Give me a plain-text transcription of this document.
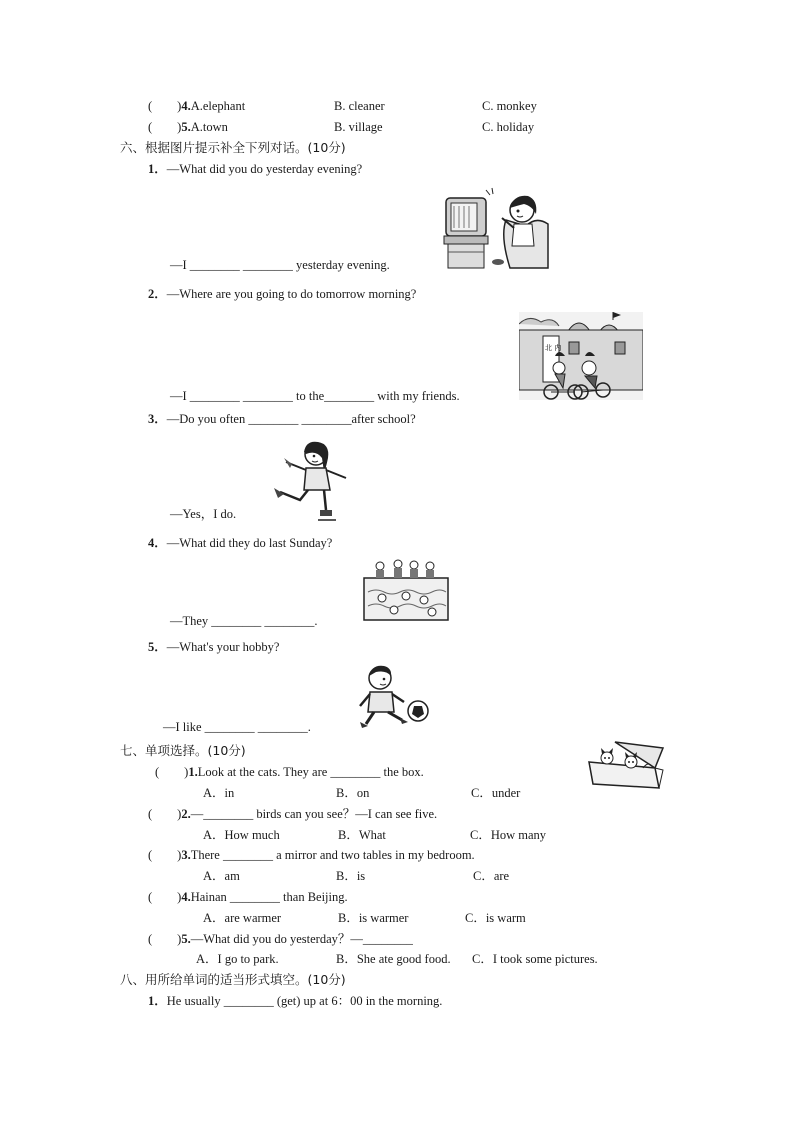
(　　)4.A.elephant	B. cleaner	C. monkey
(　　)5.A.town	B. village	C. holiday
六、根据图片提示补全下列对话。(10分)
1．—What did you do yesterday evening?
—I ________ ________ yesterday evening.
2．—Where are you going to do tomorrow morning?
—I ________ ________ to the________ with my friends.
3．—Do you often ________ ________after school?
—Yes，I do.
4．—What did they do last Sunday?
—They ________ ________.
5．—What's your hobby?
—I like ________ ________.
北 内
七、单项选择。(10分)
(　　)1.Look at the cats. They are ________ the box.
A．in	B．on	C．under
(　　)2.—________ birds can you see？—I can see five.
A．How much	B．What	C．How many
(　　)3.There ________ a mirror and two tables in my bedroom.
A．am	B．is	C．are
(　　)4.Hainan ________ than Beijing.
A．are warmer	B．is warmer	C．is warm
(　　)5.—What did you do yesterday？—________
A．I go to park.	B．She ate good food. C．I took some pictures.
八、用所给单词的适当形式填空。(10分)
1．He usually ________ (get) up at 6：00 in the morning.
